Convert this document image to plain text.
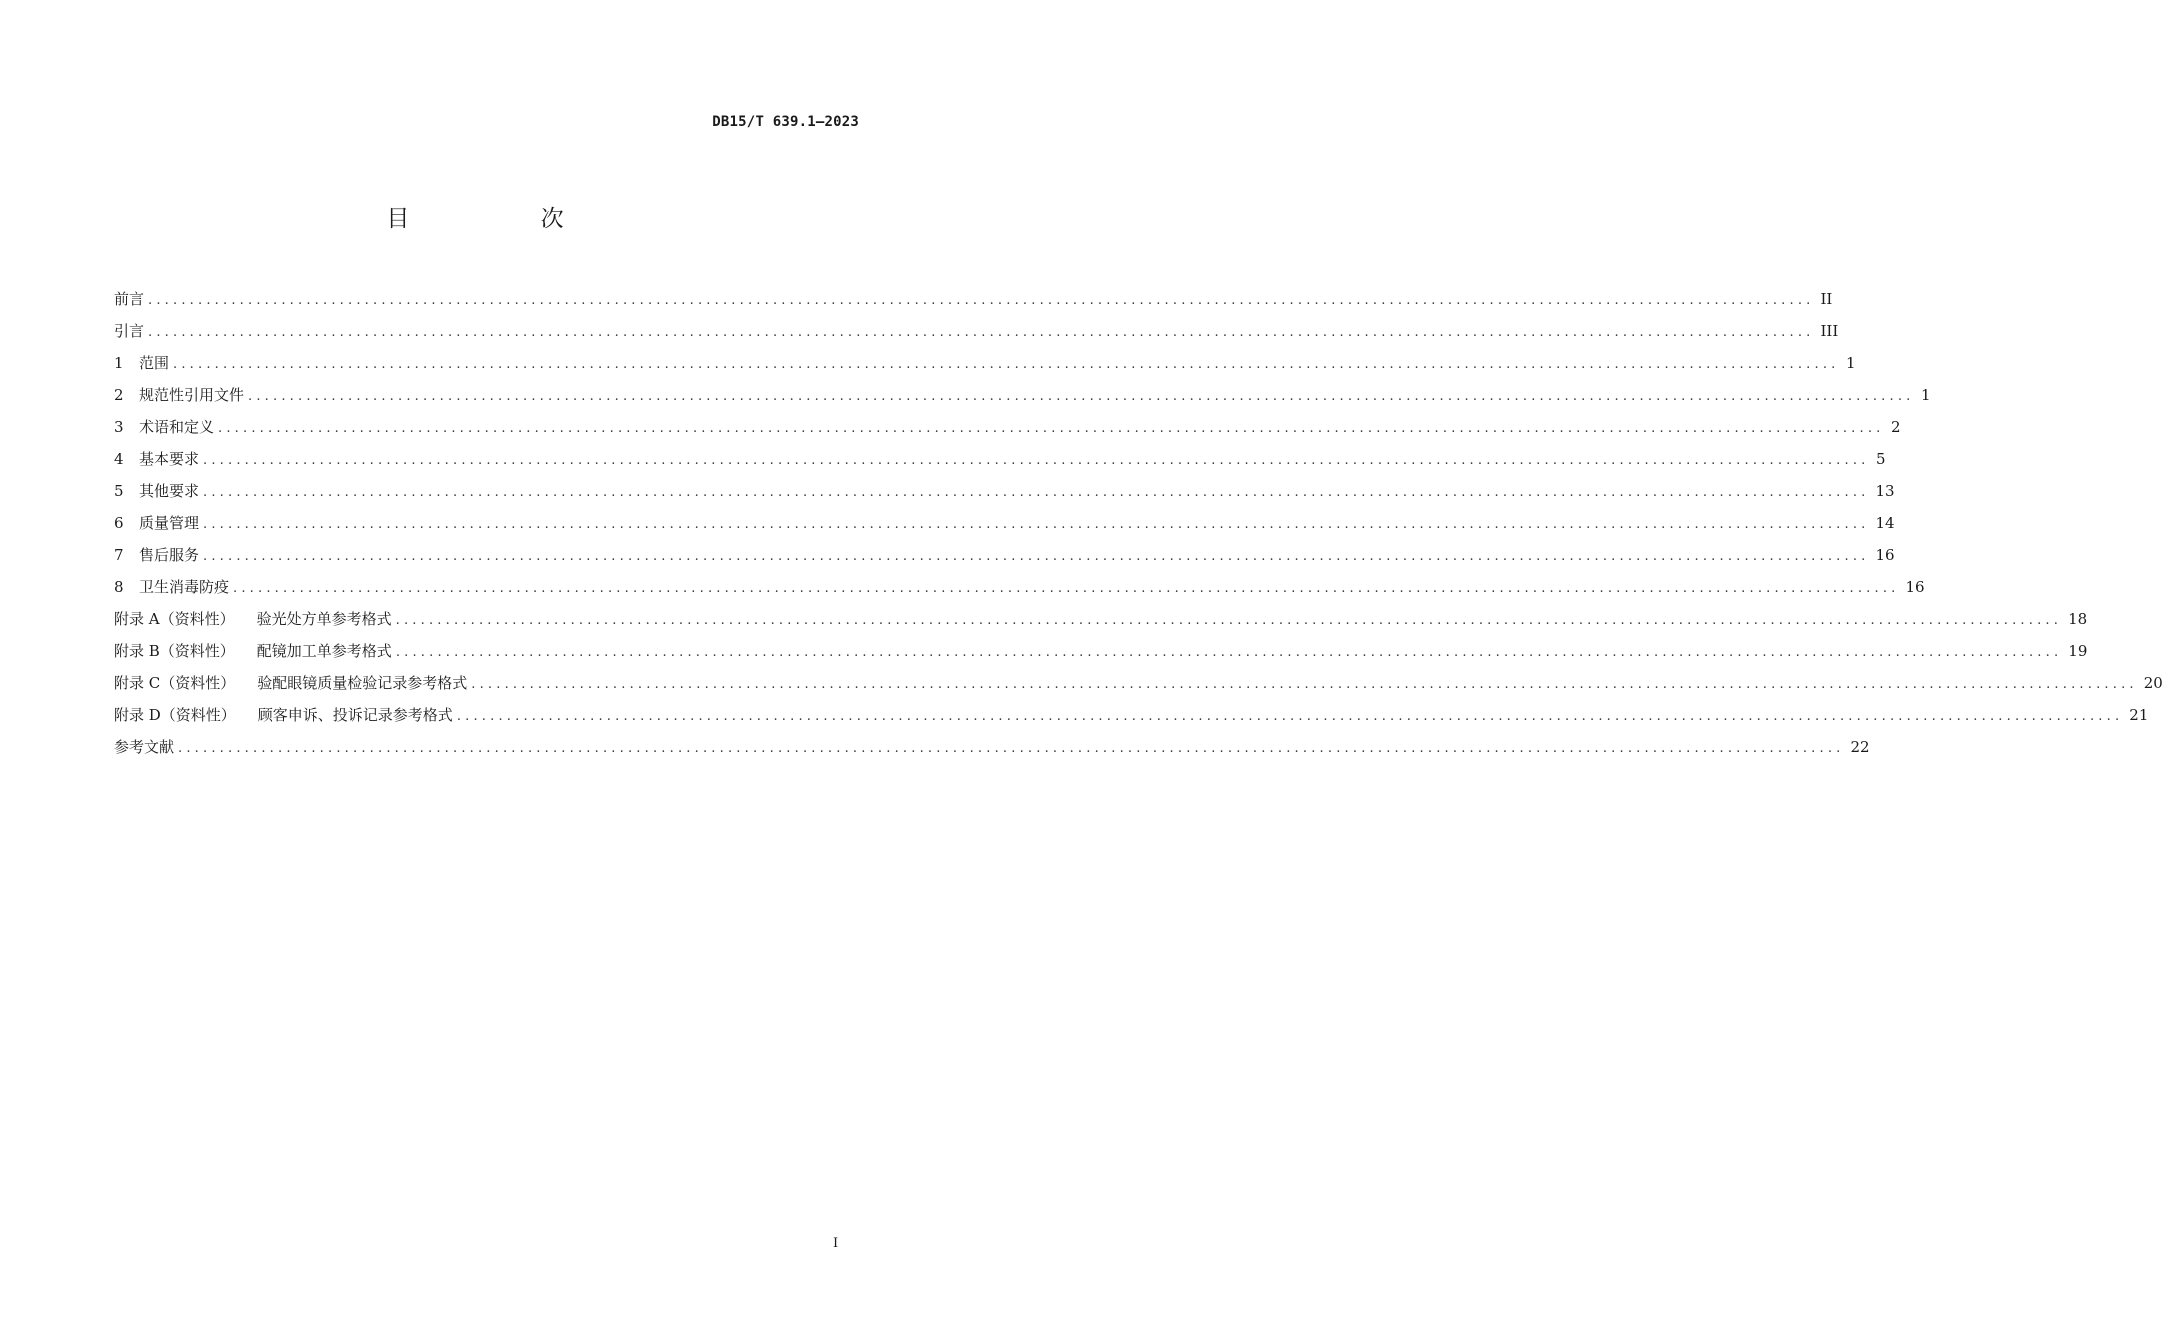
DB15/T 639.1—2023
目 次
前言 ........................................................................................................................................................................................................ II
引言 ........................................................................................................................................................................................................ III
1	范围 ........................................................................................................................................................................................................ 1
2	规范性引用文件 ........................................................................................................................................................................................................ 1
3	术语和定义 ........................................................................................................................................................................................................ 2
4	基本要求 ........................................................................................................................................................................................................ 5
5	其他要求 ........................................................................................................................................................................................................ 13
6	质量管理 ........................................................................................................................................................................................................ 14
7	售后服务 ........................................................................................................................................................................................................ 16
8	卫生消毒防疫 ........................................................................................................................................................................................................ 16
附录 A（资料性） 验光处方单参考格式 ........................................................................................................................................................................................................ 18
附录 B（资料性） 配镜加工单参考格式 ........................................................................................................................................................................................................ 19
附录 C（资料性） 验配眼镜质量检验记录参考格式 ........................................................................................................................................................................................................ 20
附录 D（资料性） 顾客申诉、投诉记录参考格式 ........................................................................................................................................................................................................ 21
参考文献 ........................................................................................................................................................................................................ 22
I
